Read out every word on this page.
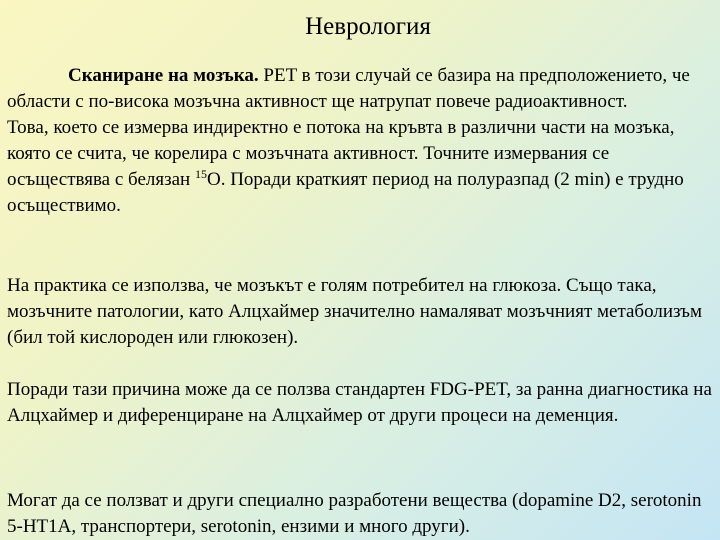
Неврология
Сканиране на мозъка. PET в този случай се базира на предположението, че области с по-висока мозъчна активност ще натрупат повече радиоактивност.
Това, което се измерва индиректно е потока на кръвта в различни части на мозъка, която се счита, че корелира с мозъчната активност. Точните измервания се осъществява с белязан $^{15}$O. Поради краткият период на полуразпад (2 min) е трудно осъществимо.

На практика се използва, че мозъкът е голям потребител на глюкоза. Също така, мозъчните патологии, като Алцхаймер значително намаляват мозъчният метаболизъм (бил той кислороден или глюкозен).

Поради тази причина може да се ползва стандартен FDG-PET, за ранна диагностика на Алцхаймер и диференциране на Алцхаймер от други процеси на деменция.

Могат да се ползват и други специално разработени вещества (dopamine D2, serotonin 5-HT1A, транспортери, serotonin, ензими и много други).
